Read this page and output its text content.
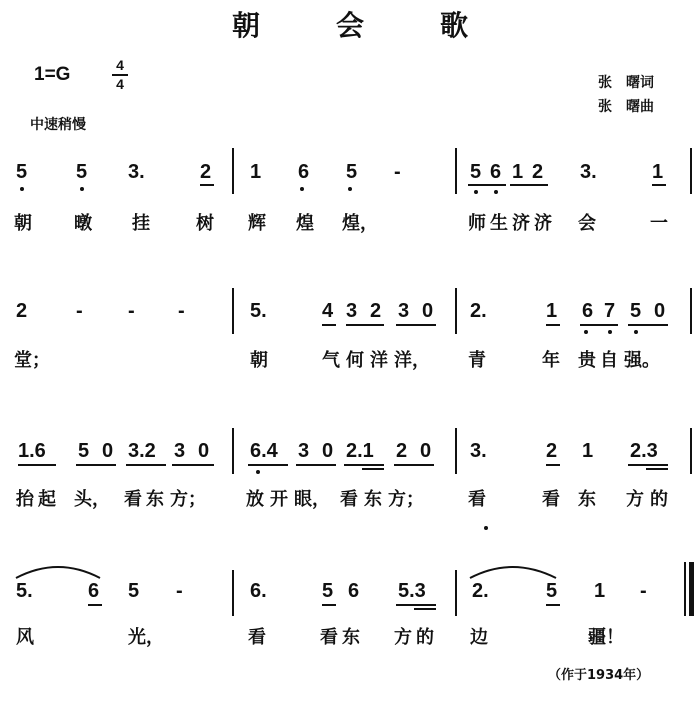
朝	会	歌
1=G	4
4
中速稍慢
张　曙词
张　曙曲
5 5 3.	2 1 6 5 -	5 6 1 2 3.	1
朝 暾 挂	树 辉 煌 煌，	师 生 济 济 会	一
2 - - -	5.	4 3 2 3 0 2.	1 6 7 5 0
堂；	朝	气 何 洋 洋， 青	年 贵 自 强。
1.6 5 0 3.2 3 0 6.4 3 0 2.1 2 0 3.	2 1 2.3
抬 起 头， 看 东 方； 放 开 眼， 看 东 方； 看	看 东 方 的
5.	6 5 -	6.	5 6 5.3 2.	5 1 -
风	光，	看	看 东 方 的 边	疆！
（作于1934年）
